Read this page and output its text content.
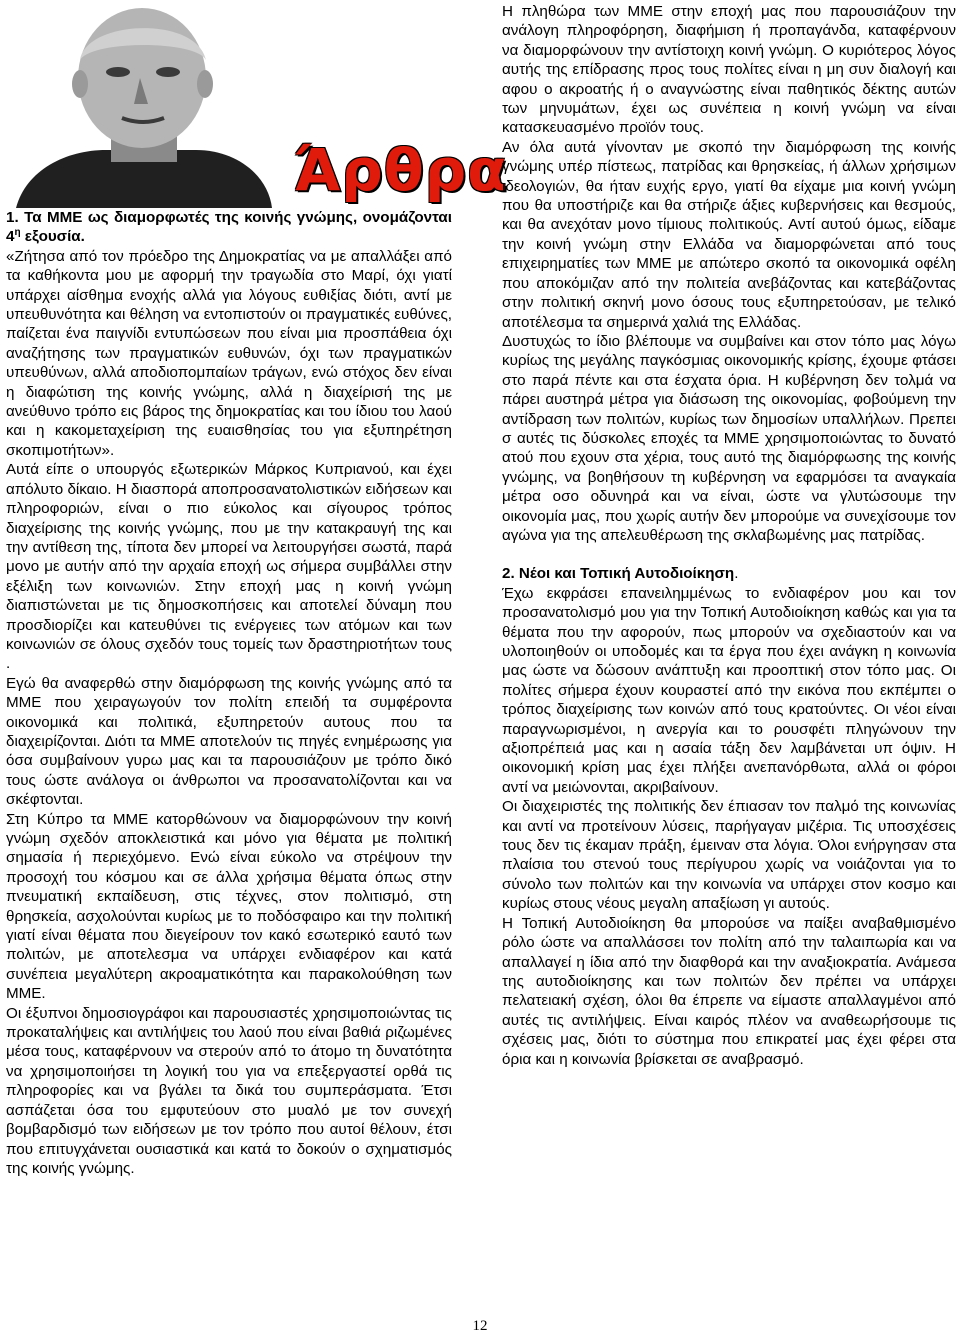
Άρθρα

1. Τα ΜΜΕ ως διαμορφωτές της κοινής γνώμης, ονομάζονται $4^\eta$ εξουσία.

«Ζήτησα από τον πρόεδρο της Δημοκρατίας να με απαλλάξει από τα καθήκοντα μου με αφορμή την τραγωδία στο Μαρί, όχι γιατί υπάρχει αίσθημα ενοχής αλλά για λόγους ευθιξίας διότι, αντί με υπευθυνότητα και θέληση να εντοπιστούν οι πραγματικές ευθύνες, παίζεται ένα παιγνίδι εντυπώσεων που είναι μια προσπάθεια όχι αναζήτησης των πραγματικών ευθυνών, όχι των πραγματικών υπευθύνων, αλλά αποδιοπομπαίων τράγων, ενώ στόχος δεν είναι η διαφώτιση της κοινής γνώμης, αλλά η διαχείρισή της με ανεύθυνο τρόπο εις βάρος της δημοκρατίας και του ίδιου του λαού και η κακομεταχείριση της ευαισθησίας του για εξυπηρέτηση σκοπιμοτήτων».

Αυτά είπε ο υπουργός εξωτερικών Μάρκος Κυπριανού, και έχει απόλυτο δίκαιο. Η διασπορά αποπροσανατολιστικών ειδήσεων και πληροφοριών, είναι ο πιο εύκολος και σίγουρος τρόπος διαχείρισης της κοινής γνώμης, που με την κατακραυγή της και την αντίθεση της, τίποτα δεν μπορεί να λειτουργήσει σωστά, παρά μονο με αυτήν από την αρχαία εποχή ως σήμερα συμβάλλει στην εξέλιξη των κοινωνιών. Στην εποχή μας η κοινή γνώμη διαπιστώνεται με τις δημοσκοπήσεις και αποτελεί δύναμη που προσδιορίζει και κατευθύνει τις ενέργειες των ατόμων και των κοινωνιών σε όλους σχεδόν τους τομείς των δραστηριοτήτων τους .

Εγώ θα αναφερθώ στην διαμόρφωση της κοινής γνώμης από τα ΜΜΕ που χειραγωγούν τον πολίτη επειδή τα συμφέροντα οικονομικά και πολιτικά, εξυπηρετούν αυτους που τα διαχειρίζονται. Διότι τα ΜΜΕ αποτελούν τις πηγές ενημέρωσης για όσα συμβαίνουν γυρω μας και τα παρουσιάζουν με τρόπο δικό τους ώστε ανάλογα οι άνθρωποι να προσανατολίζονται και να σκέφτονται.

Στη Κύπρο τα ΜΜΕ κατορθώνουν να διαμορφώνουν την κοινή γνώμη σχεδόν αποκλειστικά και μόνο για θέματα με πολιτική σημασία ή περιεχόμενο. Ενώ είναι εύκολο να στρέψουν την προσοχή του κόσμου και σε άλλα χρήσιμα θέματα όπως στην πνευματική εκπαίδευση, στις τέχνες, στον πολιτισμό, στη θρησκεία, ασχολούνται κυρίως με το ποδόσφαιρο και την πολιτική γιατί είναι θέματα που διεγείρουν τον κακό εσωτερικό εαυτό των πολιτών, με αποτελεσμα να υπάρχει ενδιαφέρον και κατά συνέπεια μεγαλύτερη ακροαματικότητα και παρακολούθηση των ΜΜΕ.

Οι έξυπνοι δημοσιογράφοι και παρουσιαστές χρησιμοποιώντας τις προκαταλήψεις και αντιλήψεις του λαού που είναι βαθιά ριζωμένες μέσα τους, καταφέρνουν να στερούν από το άτομο τη δυνατότητα να χρησιμοποιήσει τη λογική του για να επεξεργαστεί ορθά τις πληροφορίες και να βγάλει τα δικά του συμπεράσματα. Έτσι ασπάζεται όσα του εμφυτεύουν στο μυαλό με τον συνεχή βομβαρδισμό των ειδήσεων με τον τρόπο που αυτοί θέλουν, έτσι που επιτυγχάνεται ουσιαστικά και κατά το δοκούν ο σχηματισμός της κοινής γνώμης.

Η πληθώρα των ΜΜΕ στην εποχή μας που παρουσιάζουν την ανάλογη πληροφόρηση, διαφήμιση ή προπαγάνδα, καταφέρνουν να διαμορφώνουν την αντίστοιχη κοινή γνώμη. Ο κυριότερος λόγος αυτής της επίδρασης προς τους πολίτες είναι η μη συν διαλογή και αφου ο ακροατής ή ο αναγνώστης είναι παθητικός δέκτης αυτών των μηνυμάτων, έχει ως συνέπεια η κοινή γνώμη να είναι κατασκευασμένο προϊόν τους.

Αν όλα αυτά γίνονταν με σκοπό την διαμόρφωση της κοινής γνώμης υπέρ πίστεως, πατρίδας και θρησκείας, ή άλλων χρήσιμων ιδεολογιών, θα ήταν ευχής εργο, γιατί θα είχαμε μια κοινή γνώμη που θα υποστήριζε και θα στήριζε άξιες κυβερνήσεις και θεσμούς, και θα ανεχόταν μονο τίμιους πολιτικούς. Αντί αυτού όμως, είδαμε την κοινή γνώμη στην Ελλάδα να διαμορφώνεται από τους επιχειρηματίες των ΜΜΕ με απώτερο σκοπό τα οικονομικά οφέλη που αποκόμιζαν από την πολιτεία ανεβάζοντας και κατεβάζοντας στην πολιτική σκηνή μονο όσους τους εξυπηρετούσαν, με τελικό αποτέλεσμα τα σημερινά χαλιά της Ελλάδας.

Δυστυχώς το ίδιο βλέπουμε να συμβαίνει και στον τόπο μας λόγω κυρίως της μεγάλης παγκόσμιας οικονομικής κρίσης, έχουμε φτάσει στο παρά πέντε και στα έσχατα όρια. Η κυβέρνηση δεν τολμά να πάρει αυστηρά μέτρα για διάσωση της οικονομίας, φοβούμενη την αντίδραση των πολιτών, κυρίως των δημοσίων υπαλλήλων. Πρεπει σ αυτές τις δύσκολες εποχές τα ΜΜΕ χρησιμοποιώντας το δυνατό ατού που εχουν στα χέρια, τους αυτό της διαμόρφωσης της κοινής γνώμης, να βοηθήσουν τη κυβέρνηση να εφαρμόσει τα αναγκαία μέτρα οσο οδυνηρά και να είναι, ώστε να γλυτώσουμε την οικονομία μας, που χωρίς αυτήν δεν μπορούμε να συνεχίσουμε τον αγώνα για της απελευθέρωση της σκλαβωμένης μας πατρίδας.

2. Νέοι και Τοπική Αυτοδιοίκηση.

Έχω εκφράσει επανειλημμένως το ενδιαφέρον μου και τον προσανατολισμό μου για την Τοπική Αυτοδιοίκηση καθώς και για τα θέματα που την αφορούν, πως μπορούν να σχεδιαστούν και να υλοποιηθούν οι υποδομές και τα έργα που έχει ανάγκη η κοινωνία μας ώστε να δώσουν ανάπτυξη και προοπτική στον τόπο μας. Οι πολίτες σήμερα έχουν κουραστεί από την εικόνα που εκπέμπει ο τρόπος διαχείρισης των κοινών από τους κρατούντες. Οι νέοι είναι παραγνωρισμένοι, η ανεργία και το ρουσφέτι πληγώνουν την αξιοπρέπειά μας και η ασαία τάξη δεν λαμβάνεται υπ όψιν. Η οικονομική κρίση μας έχει πλήξει ανεπανόρθωτα, αλλά οι φόροι αντί να μειώνονται, ακριβαίνουν.

Οι διαχειριστές της πολιτικής δεν έπιασαν τον παλμό της κοινωνίας και αντί να προτείνουν λύσεις, παρήγαγαν μιζέρια. Τις υποσχέσεις τους δεν τις έκαμαν πράξη, έμειναν στα λόγια. Όλοι ενήργησαν στα πλαίσια του στενού τους περίγυρου χωρίς να νοιάζονται για το σύνολο των πολιτών και την κοινωνία να υπάρχει στον κοσμο και κυρίως στους νέους μεγαλη απαξίωση γι αυτούς.

Η Τοπική Αυτοδιοίκηση θα μπορούσε να παίξει αναβαθμισμένο ρόλο ώστε να απαλλάσσει τον πολίτη από την ταλαιπωρία και να απαλλαγεί η ίδια από την διαφθορά και την αναξιοκρατία. Ανάμεσα της αυτοδιοίκησης και των πολιτών δεν πρέπει να υπάρχει πελατειακή σχέση, όλοι θα έπρεπε να είμαστε απαλλαγμένοι από αυτές τις αντιλήψεις. Είναι καιρός πλέον να αναθεωρήσουμε τις σχέσεις μας, διότι το σύστημα που επικρατεί μας έχει φέρει στα όρια και η κοινωνία βρίσκεται σε αναβρασμό.

12
